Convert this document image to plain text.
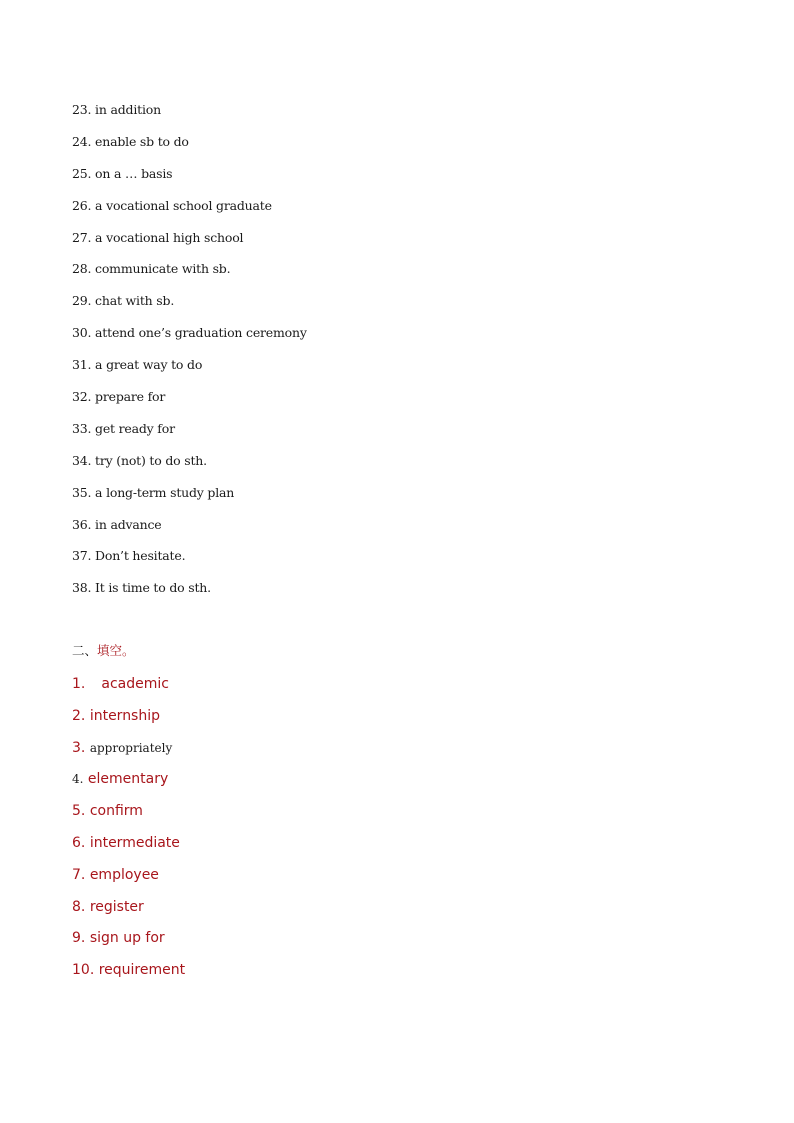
23. in addition
24. enable sb to do
25. on a … basis
26. a vocational school graduate
27. a vocational high school
28. communicate with sb.
29. chat with sb.
30. attend one’s graduation ceremony
31. a great way to do
32. prepare for
33. get ready for
34. try (not) to do sth.
35. a long-term study plan
36. in advance
37. Don’t hesitate.
38. It is time to do sth.
二、填空。
1. academic
2. internship
3. appropriately
4. elementary
5. confirm
6. intermediate
7. employee
8. register
9. sign up for
10. requirement
